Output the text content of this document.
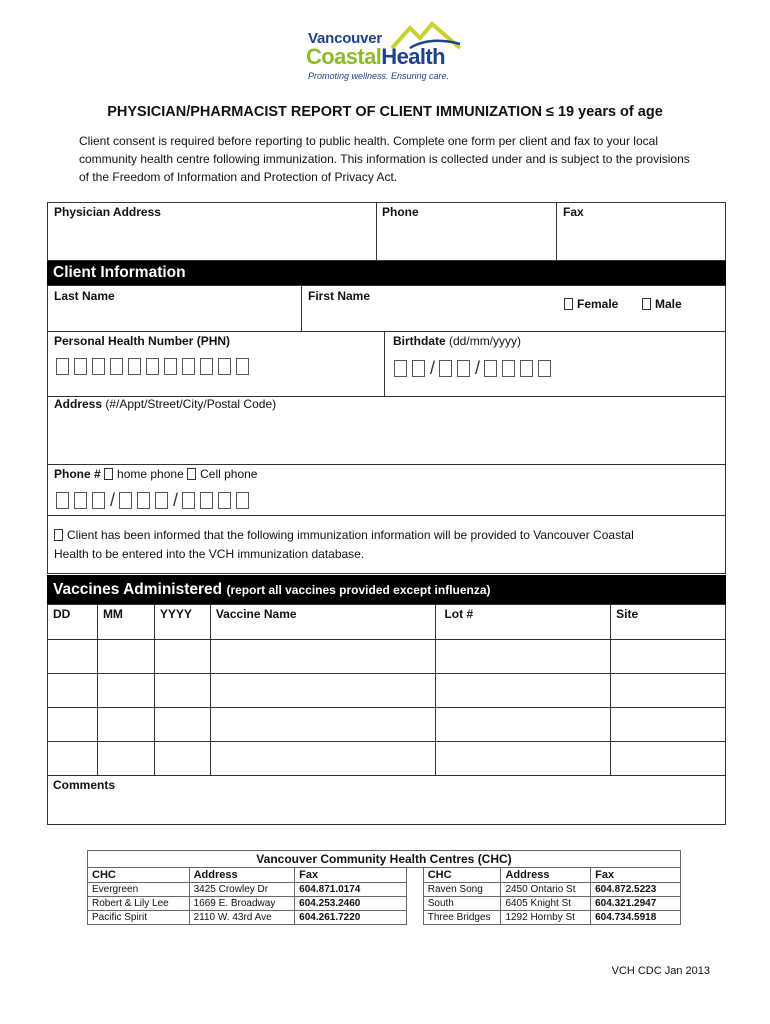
Vancouver
CoastalHealth
Promoting wellness. Ensuring care.
PHYSICIAN/PHARMACIST REPORT OF CLIENT IMMUNIZATION ≤ 19 years of age
Client consent is required before reporting to public health. Complete one form per client and fax to your local community health centre following immunization. This information is collected under and is subject to the provisions of the Freedom of Information and Protection of Privacy Act.
Physician Address	Phone	Fax
Client Information
Last Name	First Name
Female	Male
Personal Health Number (PHN)	Birthdate (dd/mm/yyyy)
/ /
Address (#/Appt/Street/City/Postal Code)
Phone #
home phone
Cell phone
/	/
Client has been informed that the following immunization information will be provided to Vancouver Coastal
Health to be entered into the VCH immunization database.
Vaccines Administered (report all vaccines provided except influenza)
DD	MM	YYYY	Vaccine Name	Lot #	Site

Comments					
Vancouver Community Health Centres (CHC)						
CHC	Address	Fax		CHC	Address	Fax
Evergreen	3425 Crowley Dr	604.871.0174		Raven Song	2450 Ontario St	604.872.5223
Robert & Lily Lee	1669 E. Broadway	604.253.2460		South	6405 Knight St	604.321.2947
Pacific Spirit	2110 W. 43rd Ave	604.261.7220		Three Bridges	1292 Hornby St	604.734.5918
VCH CDC Jan 2013
